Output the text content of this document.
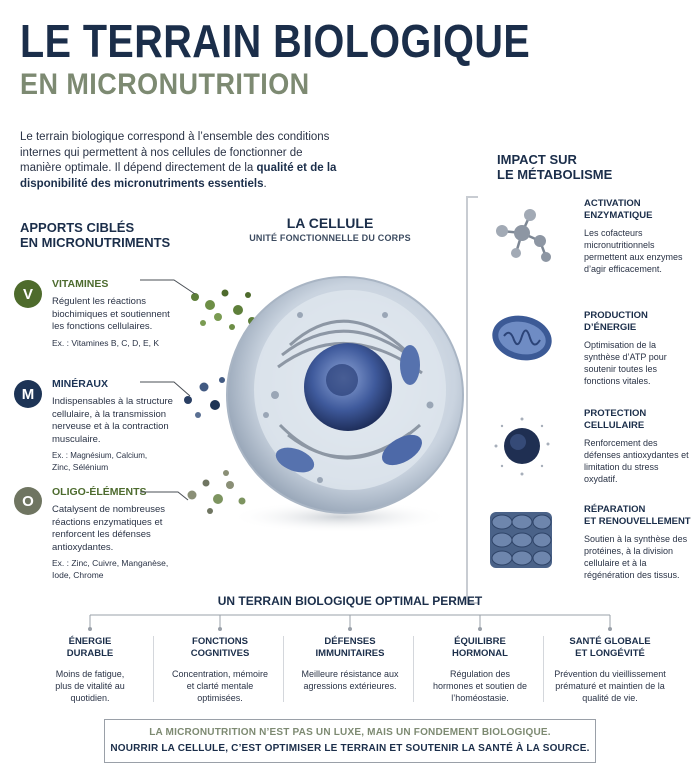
LE TERRAIN BIOLOGIQUE
EN MICRONUTRITION
Le terrain biologique correspond à l’ensemble des conditions internes qui permettent à nos cellules de fonctionner de manière optimale. Il dépend directement de la qualité et de la disponibilité des micronutriments essentiels.
APPORTS CIBLÉS
EN MICRONUTRIMENTS
V
VITAMINES
Régulent les réactions biochimiques et soutiennent les fonctions cellulaires.
Ex. : Vitamines B, C, D, E, K
M
MINÉRAUX
Indispensables à la structure cellulaire, à la transmission nerveuse et à la contraction musculaire.
Ex. : Magnésium, Calcium,
Zinc, Sélénium
O
OLIGO-ÉLÉMENTS
Catalysent de nombreuses réactions enzymatiques et renforcent les défenses antioxydantes.
Ex. : Zinc, Cuivre, Manganèse, Iode, Chrome
LA CELLULE
UNITÉ FONCTIONNELLE DU CORPS
IMPACT SUR
LE MÉTABOLISME
ACTIVATION
ENZYMATIQUE
Les cofacteurs micronutritionnels permettent aux enzymes d’agir efficacement.
PRODUCTION
D’ÉNERGIE
Optimisation de la synthèse d’ATP pour soutenir toutes les fonctions vitales.
PROTECTION
CELLULAIRE
Renforcement des défenses antioxydantes et limitation du stress oxydatif.
RÉPARATION
ET RENOUVELLEMENT
Soutien à la synthèse des protéines, à la division cellulaire et à la régénération des tissus.
UN TERRAIN BIOLOGIQUE OPTIMAL PERMET
ÉNERGIE
DURABLE
Moins de fatigue, plus de vitalité au quotidien.
FONCTIONS
COGNITIVES
Concentration, mémoire et clarté mentale optimisées.
DÉFENSES
IMMUNITAIRES
Meilleure résistance aux agressions extérieures.
ÉQUILIBRE
HORMONAL
Régulation des hormones et soutien de l’homéostasie.
SANTÉ GLOBALE
ET LONGÉVITÉ
Prévention du vieillissement prématuré et maintien de la qualité de vie.
LA MICRONUTRITION N’EST PAS UN LUXE, MAIS UN FONDEMENT BIOLOGIQUE.
NOURRIR LA CELLULE, C’EST OPTIMISER LE TERRAIN ET SOUTENIR LA SANTÉ À LA SOURCE.
